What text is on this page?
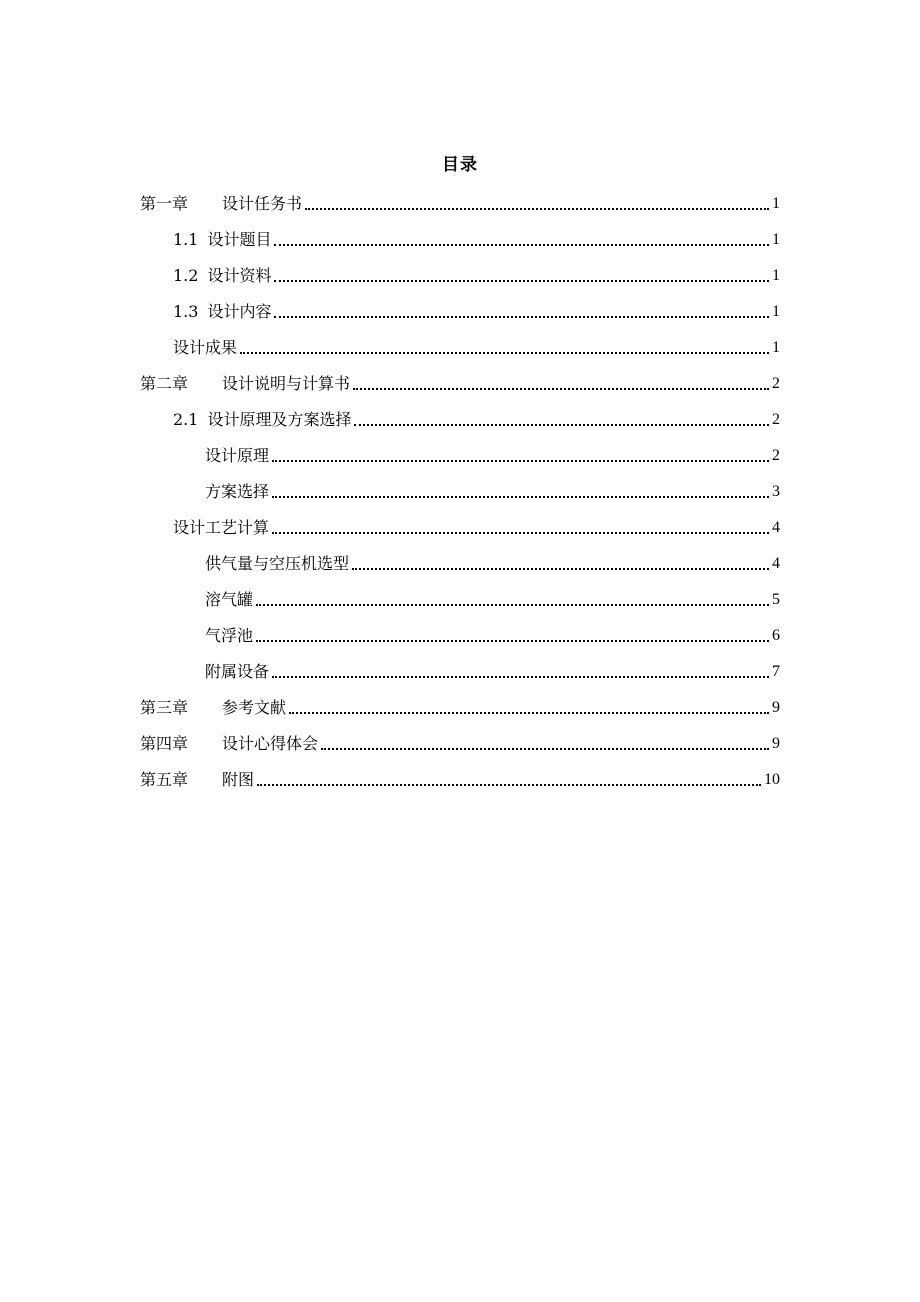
目录
第一章 设计任务书	1
1.1 设计题目	1
1.2 设计资料	1
1.3 设计内容	1
设计成果	1
第二章 设计说明与计算书	2
2.1 设计原理及方案选择	2
设计原理	2
方案选择	3
设计工艺计算	4
供气量与空压机选型	4
溶气罐	5
气浮池	6
附属设备	7
第三章 参考文献	9
第四章 设计心得体会	9
第五章 附图	10
